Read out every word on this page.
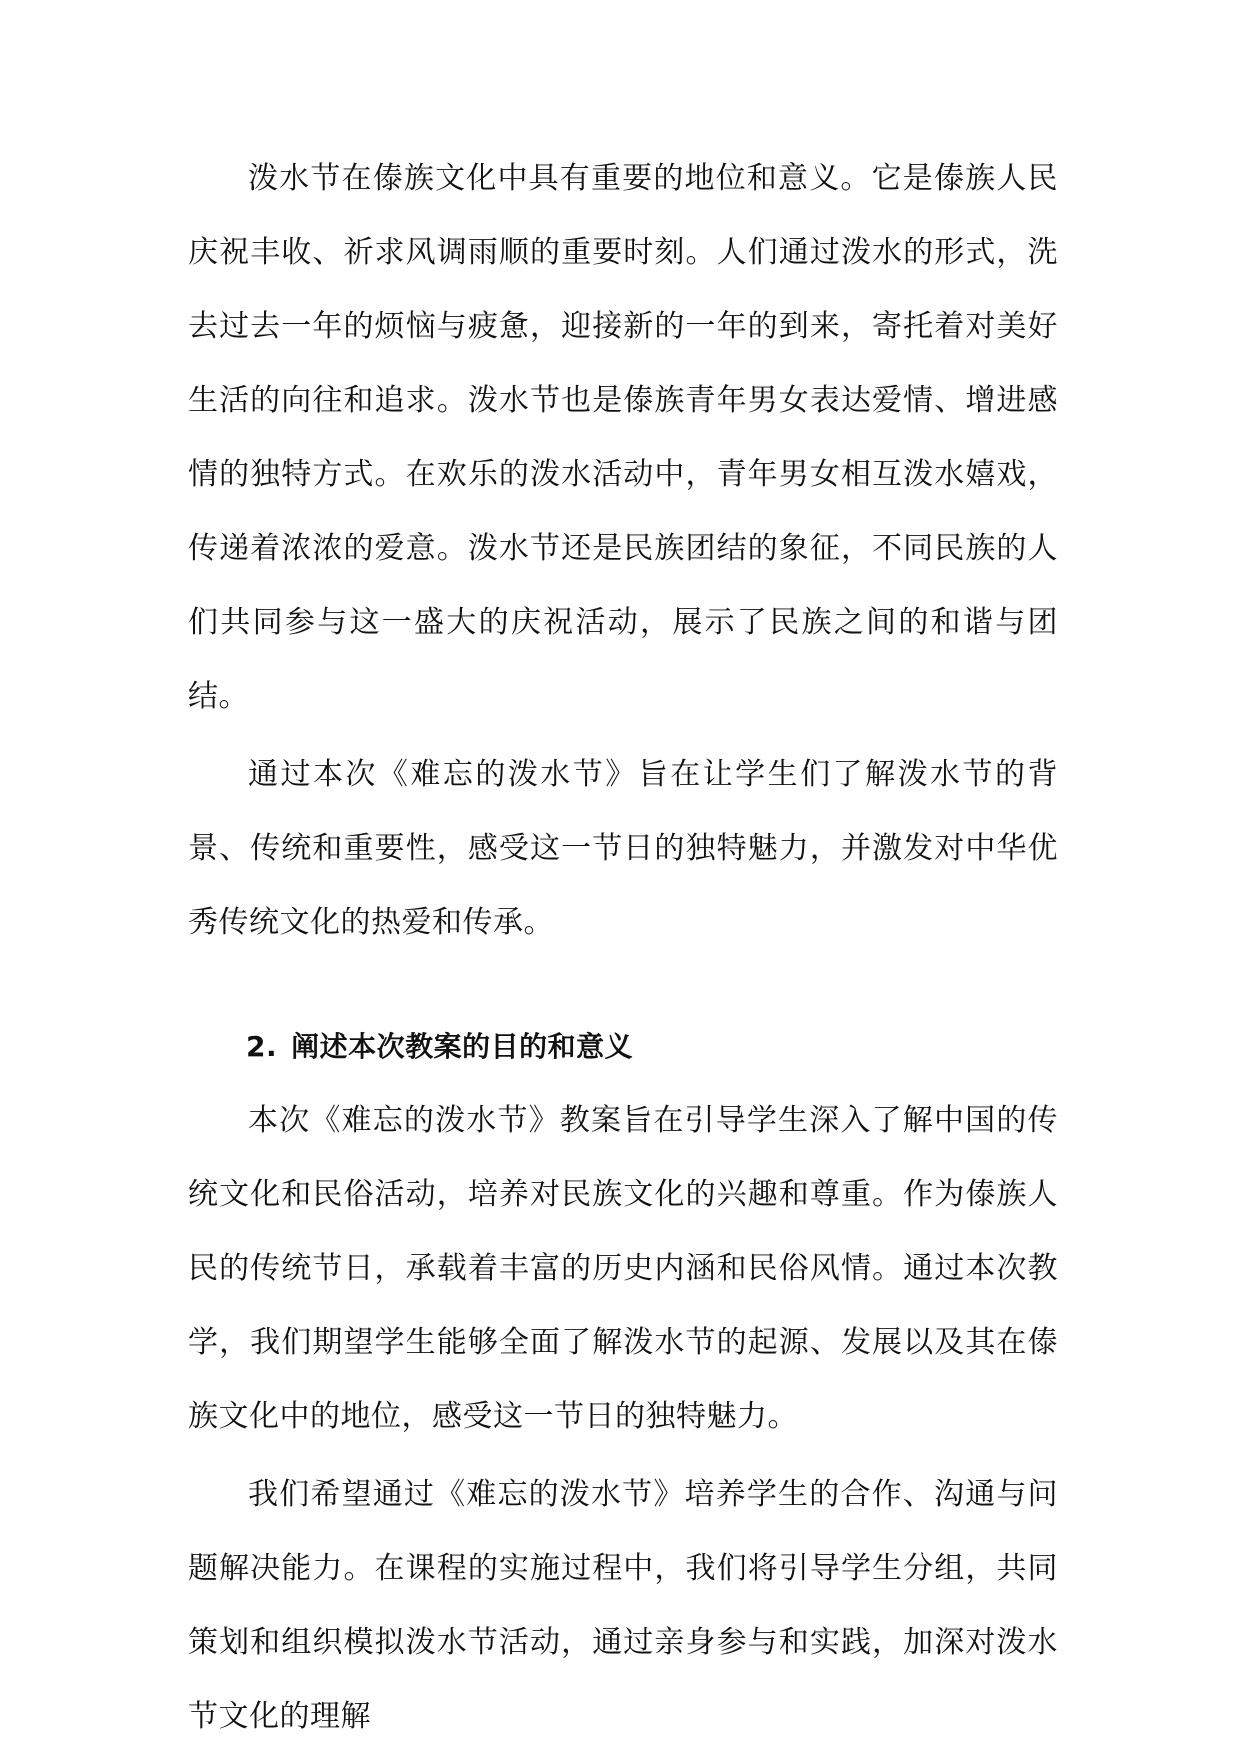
泼水节在傣族文化中具有重要的地位和意义。它是傣族人民庆祝丰收、祈求风调雨顺的重要时刻。人们通过泼水的形式，洗去过去一年的烦恼与疲惫，迎接新的一年的到来，寄托着对美好生活的向往和追求。泼水节也是傣族青年男女表达爱情、增进感情的独特方式。在欢乐的泼水活动中，青年男女相互泼水嬉戏，传递着浓浓的爱意。泼水节还是民族团结的象征，不同民族的人们共同参与这一盛大的庆祝活动，展示了民族之间的和谐与团结。

通过本次《难忘的泼水节》旨在让学生们了解泼水节的背景、传统和重要性，感受这一节日的独特魅力，并激发对中华优秀传统文化的热爱和传承。

2. 阐述本次教案的目的和意义

本次《难忘的泼水节》教案旨在引导学生深入了解中国的传统文化和民俗活动，培养对民族文化的兴趣和尊重。作为傣族人民的传统节日，承载着丰富的历史内涵和民俗风情。通过本次教学，我们期望学生能够全面了解泼水节的起源、发展以及其在傣族文化中的地位，感受这一节日的独特魅力。

我们希望通过《难忘的泼水节》培养学生的合作、沟通与问题解决能力。在课程的实施过程中，我们将引导学生分组，共同策划和组织模拟泼水节活动，通过亲身参与和实践，加深对泼水节文化的理解
